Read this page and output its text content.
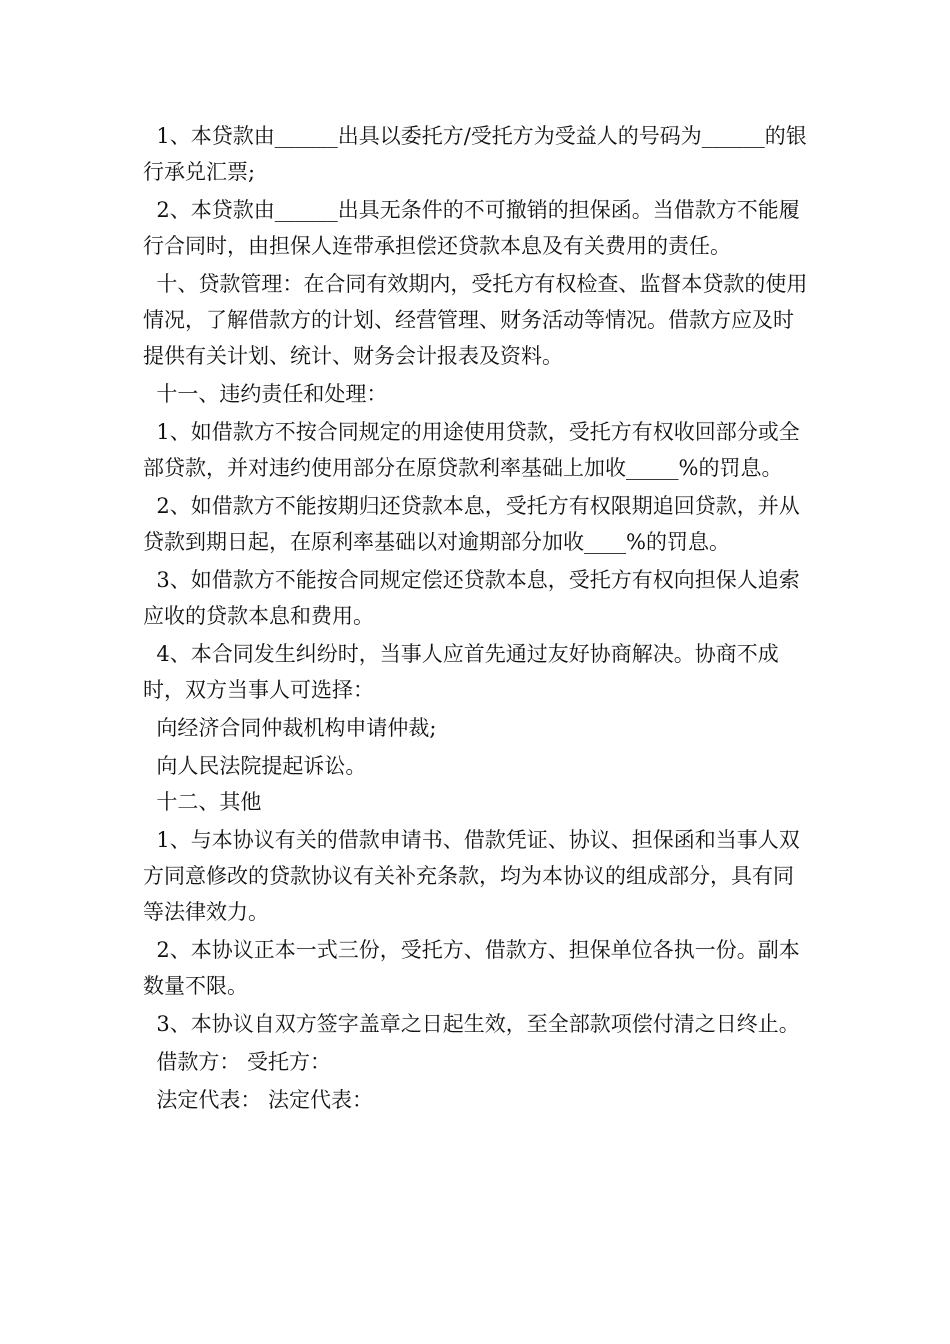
1、本贷款由______出具以委托方/受托方为受益人的号码为______的银行承兑汇票;

2、本贷款由______出具无条件的不可撤销的担保函。当借款方不能履行合同时，由担保人连带承担偿还贷款本息及有关费用的责任。

十、贷款管理：在合同有效期内，受托方有权检查、监督本贷款的使用情况，了解借款方的计划、经营管理、财务活动等情况。借款方应及时提供有关计划、统计、财务会计报表及资料。

十一、违约责任和处理：

1、如借款方不按合同规定的用途使用贷款，受托方有权收回部分或全部贷款，并对违约使用部分在原贷款利率基础上加收_____%的罚息。

2、如借款方不能按期归还贷款本息，受托方有权限期追回贷款，并从贷款到期日起，在原利率基础以对逾期部分加收____%的罚息。

3、如借款方不能按合同规定偿还贷款本息，受托方有权向担保人追索应收的贷款本息和费用。

4、本合同发生纠纷时，当事人应首先通过友好协商解决。协商不成时，双方当事人可选择：

向经济合同仲裁机构申请仲裁;

向人民法院提起诉讼。

十二、其他

1、与本协议有关的借款申请书、借款凭证、协议、担保函和当事人双方同意修改的贷款协议有关补充条款，均为本协议的组成部分，具有同等法律效力。

2、本协议正本一式三份，受托方、借款方、担保单位各执一份。副本数量不限。

3、本协议自双方签字盖章之日起生效，至全部款项偿付清之日终止。

借款方： 受托方：

法定代表： 法定代表：
